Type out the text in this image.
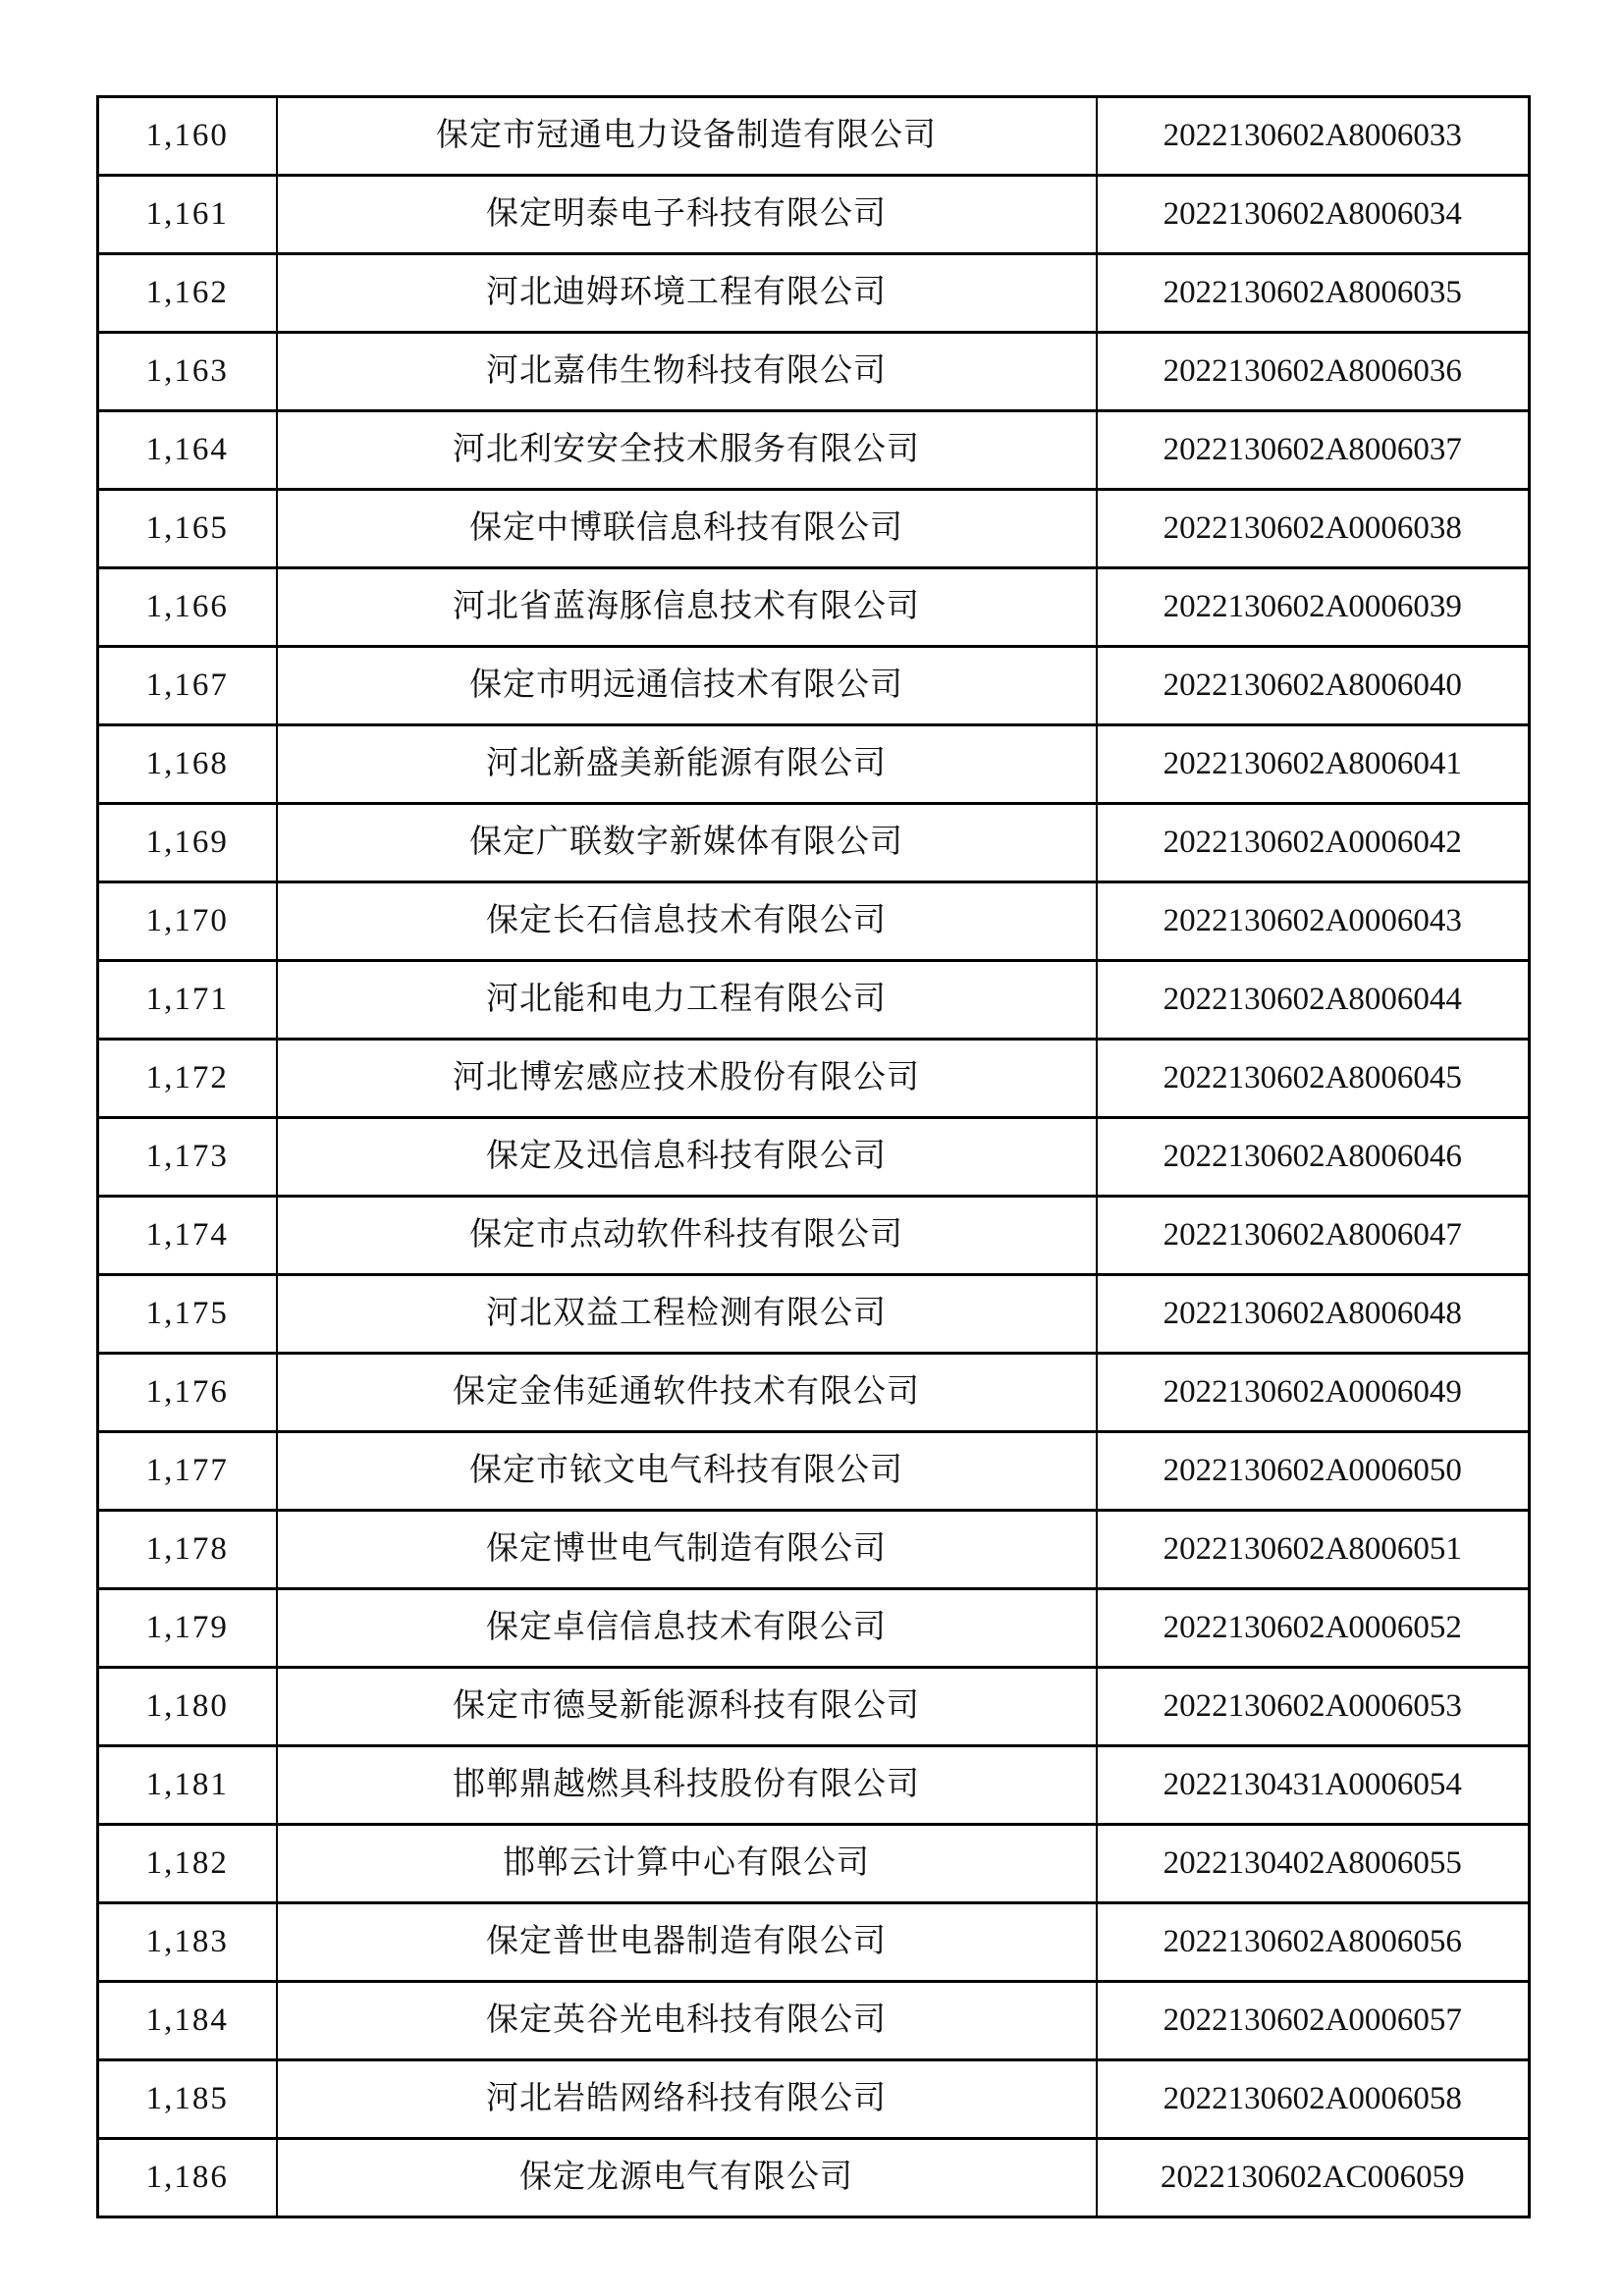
1,160	保定市冠通电力设备制造有限公司	2022130602A8006033
1,161	保定明泰电子科技有限公司	2022130602A8006034
1,162	河北迪姆环境工程有限公司	2022130602A8006035
1,163	河北嘉伟生物科技有限公司	2022130602A8006036
1,164	河北利安安全技术服务有限公司	2022130602A8006037
1,165	保定中博联信息科技有限公司	2022130602A0006038
1,166	河北省蓝海豚信息技术有限公司	2022130602A0006039
1,167	保定市明远通信技术有限公司	2022130602A8006040
1,168	河北新盛美新能源有限公司	2022130602A8006041
1,169	保定广联数字新媒体有限公司	2022130602A0006042
1,170	保定长石信息技术有限公司	2022130602A0006043
1,171	河北能和电力工程有限公司	2022130602A8006044
1,172	河北博宏感应技术股份有限公司	2022130602A8006045
1,173	保定及迅信息科技有限公司	2022130602A8006046
1,174	保定市点动软件科技有限公司	2022130602A8006047
1,175	河北双益工程检测有限公司	2022130602A8006048
1,176	保定金伟延通软件技术有限公司	2022130602A0006049
1,177	保定市铱文电气科技有限公司	2022130602A0006050
1,178	保定博世电气制造有限公司	2022130602A8006051
1,179	保定卓信信息技术有限公司	2022130602A0006052
1,180	保定市德旻新能源科技有限公司	2022130602A0006053
1,181	邯郸鼎越燃具科技股份有限公司	2022130431A0006054
1,182	邯郸云计算中心有限公司	2022130402A8006055
1,183	保定普世电器制造有限公司	2022130602A8006056
1,184	保定英谷光电科技有限公司	2022130602A0006057
1,185	河北岩皓网络科技有限公司	2022130602A0006058
1,186	保定龙源电气有限公司	2022130602AC006059
